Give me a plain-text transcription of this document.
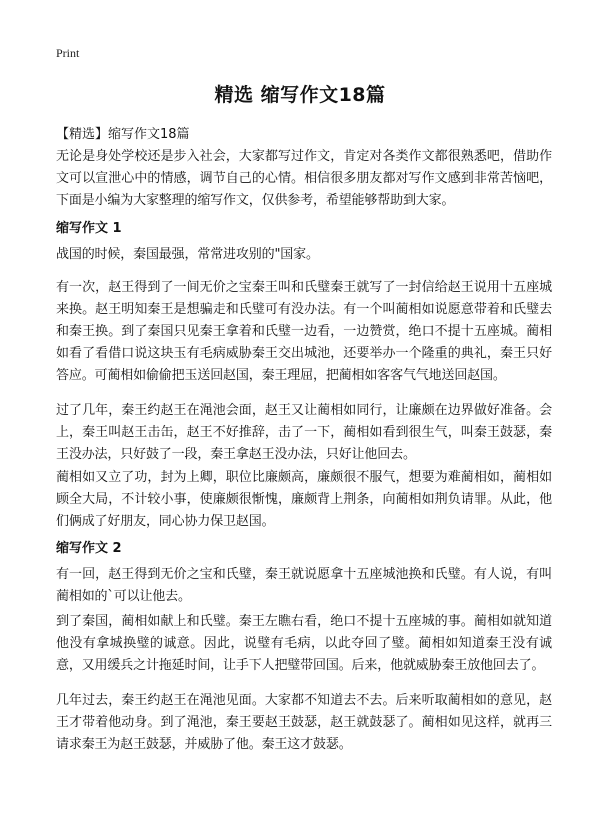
Print
精选 缩写作文18篇
【精选】缩写作文18篇
无论是身处学校还是步入社会，大家都写过作文，肯定对各类作文都很熟悉吧，借助作文可以宣泄心中的情感，调节自己的心情。相信很多朋友都对写作文感到非常苦恼吧，下面是小编为大家整理的缩写作文，仅供参考，希望能够帮助到大家。
缩写作文 1
战国的时候，秦国最强，常常进攻别的"国家。
有一次，赵王得到了一间无价之宝秦王叫和氏璧秦王就写了一封信给赵王说用十五座城来换。赵王明知秦王是想骗走和氏璧可有没办法。有一个叫蔺相如说愿意带着和氏璧去和秦王换。到了秦国只见秦王拿着和氏璧一边看，一边赞赏，绝口不提十五座城。蔺相如看了看借口说这块玉有毛病威胁秦王交出城池，还要举办一个隆重的典礼，秦王只好答应。可蔺相如偷偷把玉送回赵国，秦王理屈，把蔺相如客客气气地送回赵国。
过了几年，秦王约赵王在渑池会面，赵王又让蔺相如同行，让廉颇在边界做好准备。会上，秦王叫赵王击缶，赵王不好推辞，击了一下，蔺相如看到很生气，叫秦王鼓瑟，秦王没办法，只好鼓了一段，秦王拿赵王没办法，只好让他回去。
蔺相如又立了功，封为上卿，职位比廉颇高，廉颇很不服气，想要为难蔺相如，蔺相如顾全大局，不计较小事，使廉颇很惭愧，廉颇背上荆条，向蔺相如荆负请罪。从此，他们俩成了好朋友，同心协力保卫赵国。
缩写作文 2
有一回，赵王得到无价之宝和氏璧，秦王就说愿拿十五座城池换和氏璧。有人说，有叫蔺相如的`可以让他去。
到了秦国，蔺相如献上和氏璧。秦王左瞧右看，绝口不提十五座城的事。蔺相如就知道他没有拿城换璧的诚意。因此，说璧有毛病，以此夺回了璧。蔺相如知道秦王没有诚意，又用缓兵之计拖延时间，让手下人把璧带回国。后来，他就威胁秦王放他回去了。
几年过去，秦王约赵王在渑池见面。大家都不知道去不去。后来听取蔺相如的意见，赵王才带着他动身。到了渑池，秦王要赵王鼓瑟，赵王就鼓瑟了。蔺相如见这样，就再三请求秦王为赵王鼓瑟，并威胁了他。秦王这才鼓瑟。
